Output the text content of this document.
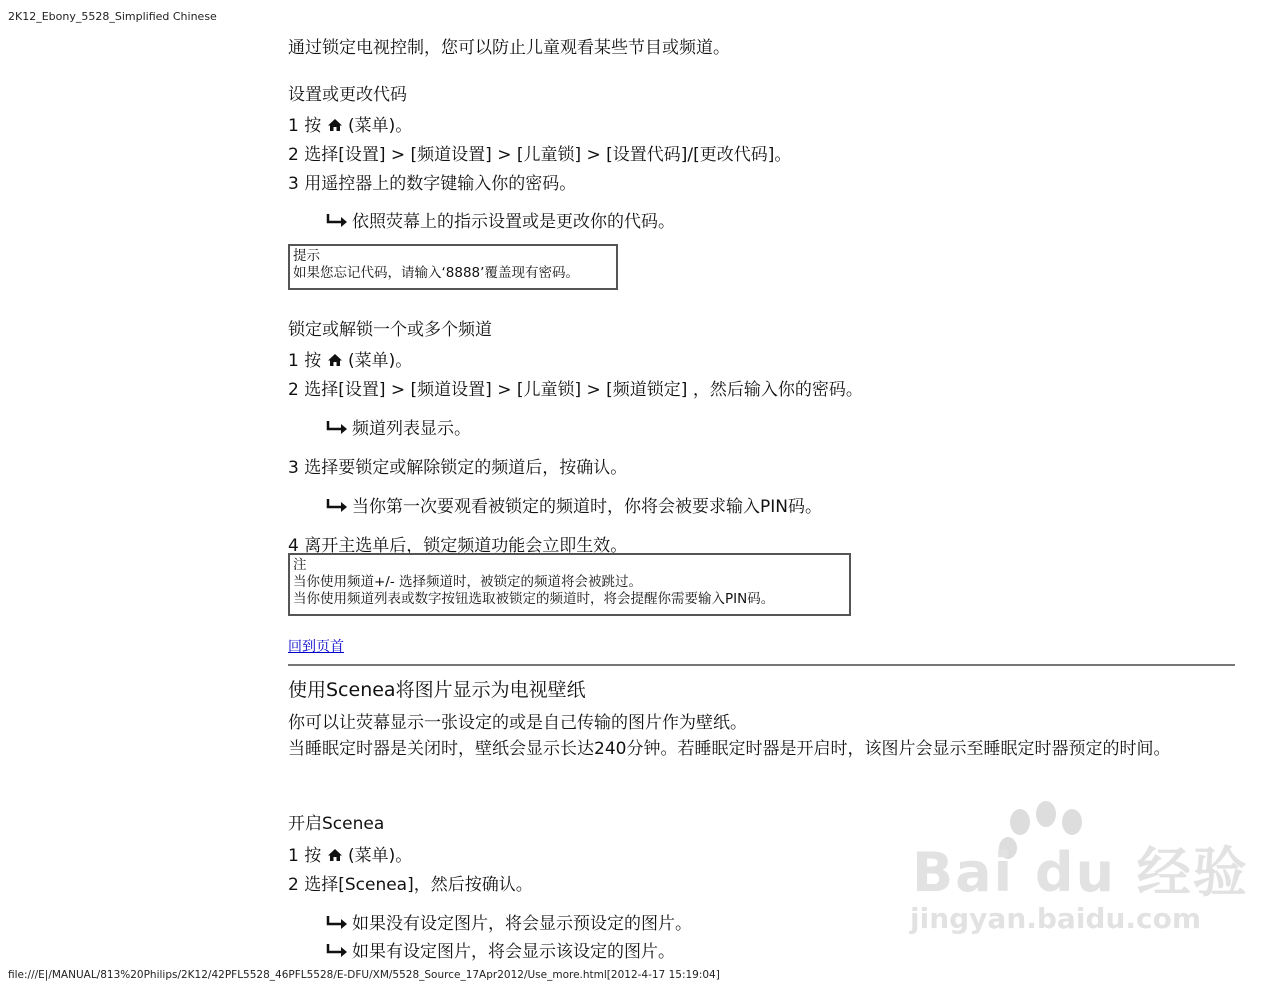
2K12_Ebony_5528_Simplified Chinese
通过锁定电视控制，您可以防止儿童观看某些节目或频道。
设置或更改代码
1 按 (菜单)。
2 选择[设置] > [频道设置] > [儿童锁] > [设置代码]/[更改代码]。
3 用遥控器上的数字键输入你的密码。
依照荧幕上的指示设置或是更改你的代码。
提示
如果您忘记代码，请输入‘8888’覆盖现有密码。
锁定或解锁一个或多个频道
1 按 (菜单)。
2 选择[设置] > [频道设置] > [儿童锁] > [频道锁定] ，然后输入你的密码。
频道列表显示。
3 选择要锁定或解除锁定的频道后，按确认。
当你第一次要观看被锁定的频道时，你将会被要求输入PIN码。
4 离开主选单后，锁定频道功能会立即生效。
注
当你使用频道+/- 选择频道时，被锁定的频道将会被跳过。
当你使用频道列表或数字按钮选取被锁定的频道时，将会提醒你需要输入PIN码。
回到页首
使用Scenea将图片显示为电视壁纸
你可以让荧幕显示一张设定的或是自己传输的图片作为壁纸。
当睡眠定时器是关闭时，壁纸会显示长达240分钟。若睡眠定时器是开启时，该图片会显示至睡眠定时器预定的时间。
开启Scenea
1 按 (菜单)。
2 选择[Scenea]，然后按确认。
如果没有设定图片，将会显示预设定的图片。
如果有设定图片，将会显示该设定的图片。
Bai du 经验
jingyan.baidu.com
file:///E|/MANUAL/813%20Philips/2K12/42PFL5528_46PFL5528/E-DFU/XM/5528_Source_17Apr2012/Use_more.html[2012-4-17 15:19:04]
